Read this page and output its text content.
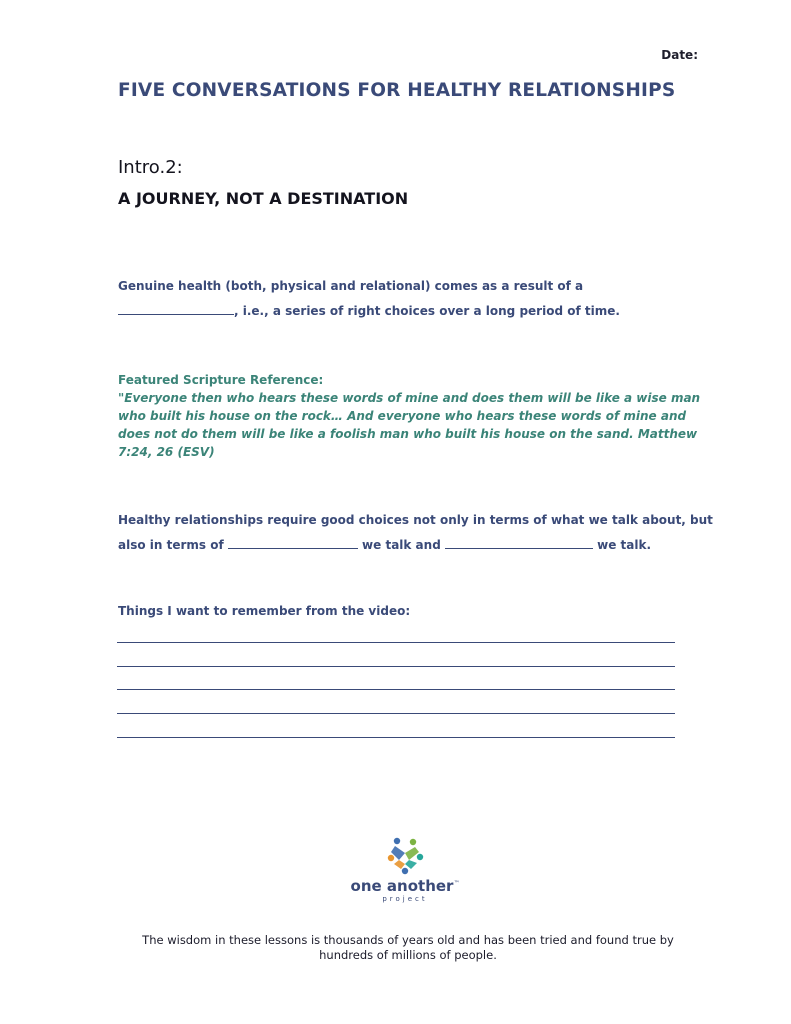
Date:
FIVE CONVERSATIONS FOR HEALTHY RELATIONSHIPS
Intro.2:
A JOURNEY, NOT A DESTINATION
Genuine health (both, physical and relational) comes as a result of a , i.e., a series of right choices over a long period of time.
Featured Scripture Reference:
"Everyone then who hears these words of mine and does them will be like a wise man who built his house on the rock… And everyone who hears these words of mine and does not do them will be like a foolish man who built his house on the sand. Matthew 7:24, 26 (ESV)
Healthy relationships require good choices not only in terms of what we talk about, but also in terms of	we talk and	we talk.
Things I want to remember from the video:
one another™
project
The wisdom in these lessons is thousands of years old and has been tried and found true by hundreds of millions of people.
